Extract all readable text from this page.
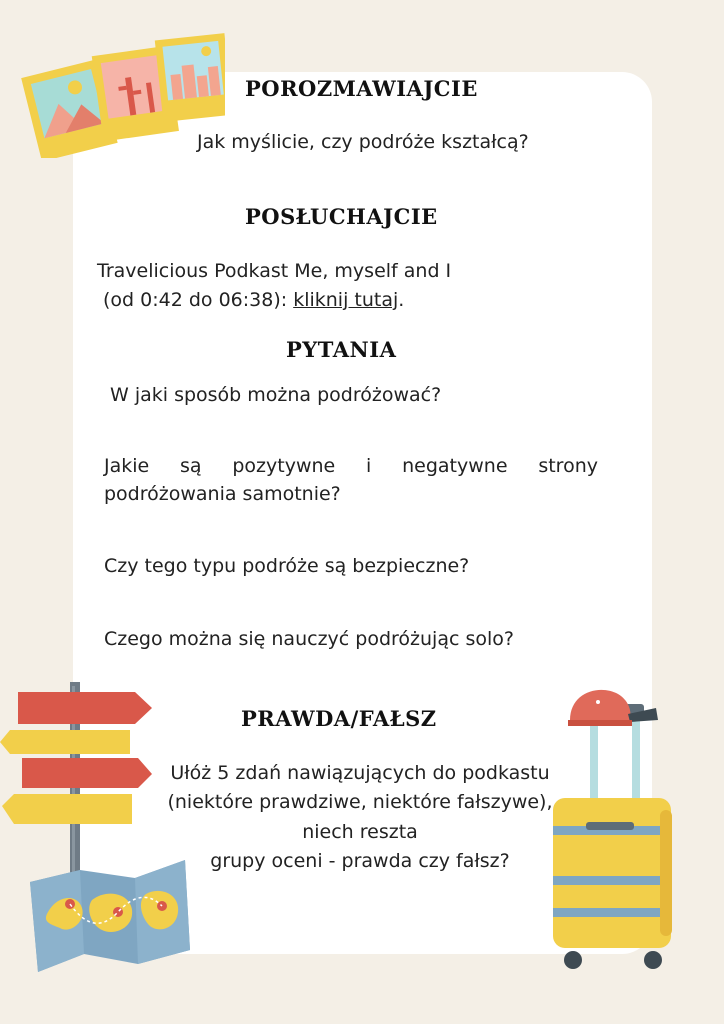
POROZMAWIAJCIE
Jak myślicie, czy podróże kształcą?
POSŁUCHAJCIE
Travelicious Podkast Me, myself and I
(od 0:42 do 06:38): kliknij tutaj.
PYTANIA
W jaki sposób można podróżować?
Jakie są pozytywne i negatywne strony podróżowania samotnie?
Czy tego typu podróże są bezpieczne?
Czego można się nauczyć podróżując solo?
PRAWDA/FAŁSZ
Ułóż 5 zdań nawiązujących do podkastu
(niektóre prawdziwe, niektóre fałszywe),
niech reszta
grupy oceni - prawda czy fałsz?
